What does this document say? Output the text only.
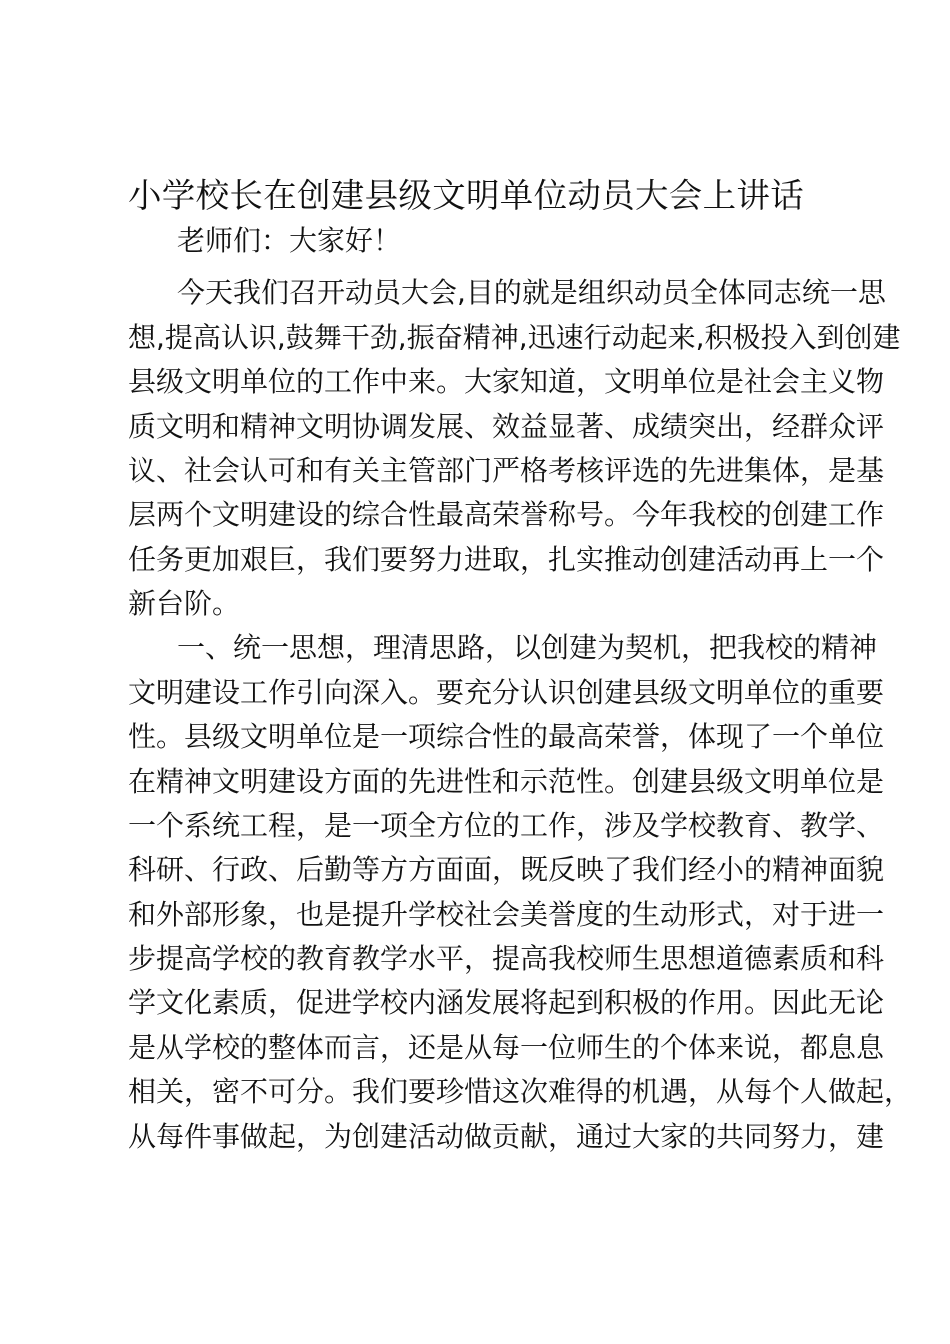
小学校长在创建县级文明单位动员大会上讲话
老师们：大家好！
今天我们召开动员大会,目的就是组织动员全体同志统一思
想,提高认识,鼓舞干劲,振奋精神,迅速行动起来,积极投入到创建
县级文明单位的工作中来。大家知道，文明单位是社会主义物
质文明和精神文明协调发展、效益显著、成绩突出，经群众评
议、社会认可和有关主管部门严格考核评选的先进集体，是基
层两个文明建设的综合性最高荣誉称号。今年我校的创建工作
任务更加艰巨，我们要努力进取，扎实推动创建活动再上一个
新台阶。
一、统一思想，理清思路，以创建为契机，把我校的精神
文明建设工作引向深入。要充分认识创建县级文明单位的重要
性。县级文明单位是一项综合性的最高荣誉，体现了一个单位
在精神文明建设方面的先进性和示范性。创建县级文明单位是
一个系统工程，是一项全方位的工作，涉及学校教育、教学、
科研、行政、后勤等方方面面，既反映了我们经小的精神面貌
和外部形象，也是提升学校社会美誉度的生动形式，对于进一
步提高学校的教育教学水平，提高我校师生思想道德素质和科
学文化素质，促进学校内涵发展将起到积极的作用。因此无论
是从学校的整体而言，还是从每一位师生的个体来说，都息息
相关，密不可分。我们要珍惜这次难得的机遇，从每个人做起，
从每件事做起，为创建活动做贡献，通过大家的共同努力，建
